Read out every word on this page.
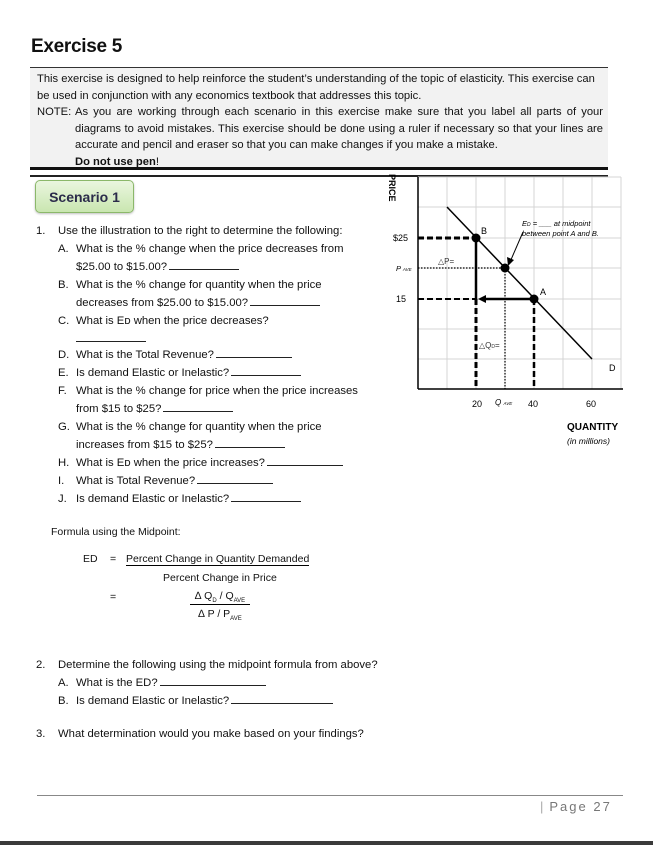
Exercise 5

This exercise is designed to help reinforce the student’s understanding of the topic of elasticity. This exercise can be used in conjunction with any economics textbook that addresses this topic.

NOTE: As you are working through each scenario in this exercise make sure that you label all parts of your diagrams to avoid mistakes. This exercise should be done using a ruler if necessary so that your lines are accurate and pencil and eraser so that you can make changes if you make a mistake.
Do not use pen!
Scenario 1
1. Use the illustration to the right to determine the following:
A. What is the % change when the price decreases from
$25.00 to $15.00?
B. What is the % change for quantity when the price
decreases from $25.00 to $15.00?
C. What is Eᴅ when the price decreases?
D. What is the Total Revenue?
E. Is demand Elastic or Inelastic?
F. What is the % change for price when the price increases
from $15 to $25?
G. What is the % change for quantity when the price
increases from $15 to $25?
H. What is Eᴅ when the price increases?
I. What is Total Revenue?
J. Is demand Elastic or Inelastic?
B
A
D
ED = ___ at midpoint
between point A and B.
△P=
△QD=
$25
P AVE
15
20 Q AVE 40	60
QUANTITY
(in millions)
PRICE
Formula using the Midpoint:
ED = Percent Change in Quantity Demanded
Percent Change in Price
=	∆ $Q_D / Q_{AVE}$
∆ P / $P_{AVE}$
2. Determine the following using the midpoint formula from above?
A. What is the ED?
B. Is demand Elastic or Inelastic?
3. What determination would you make based on your findings?
| Page 27
